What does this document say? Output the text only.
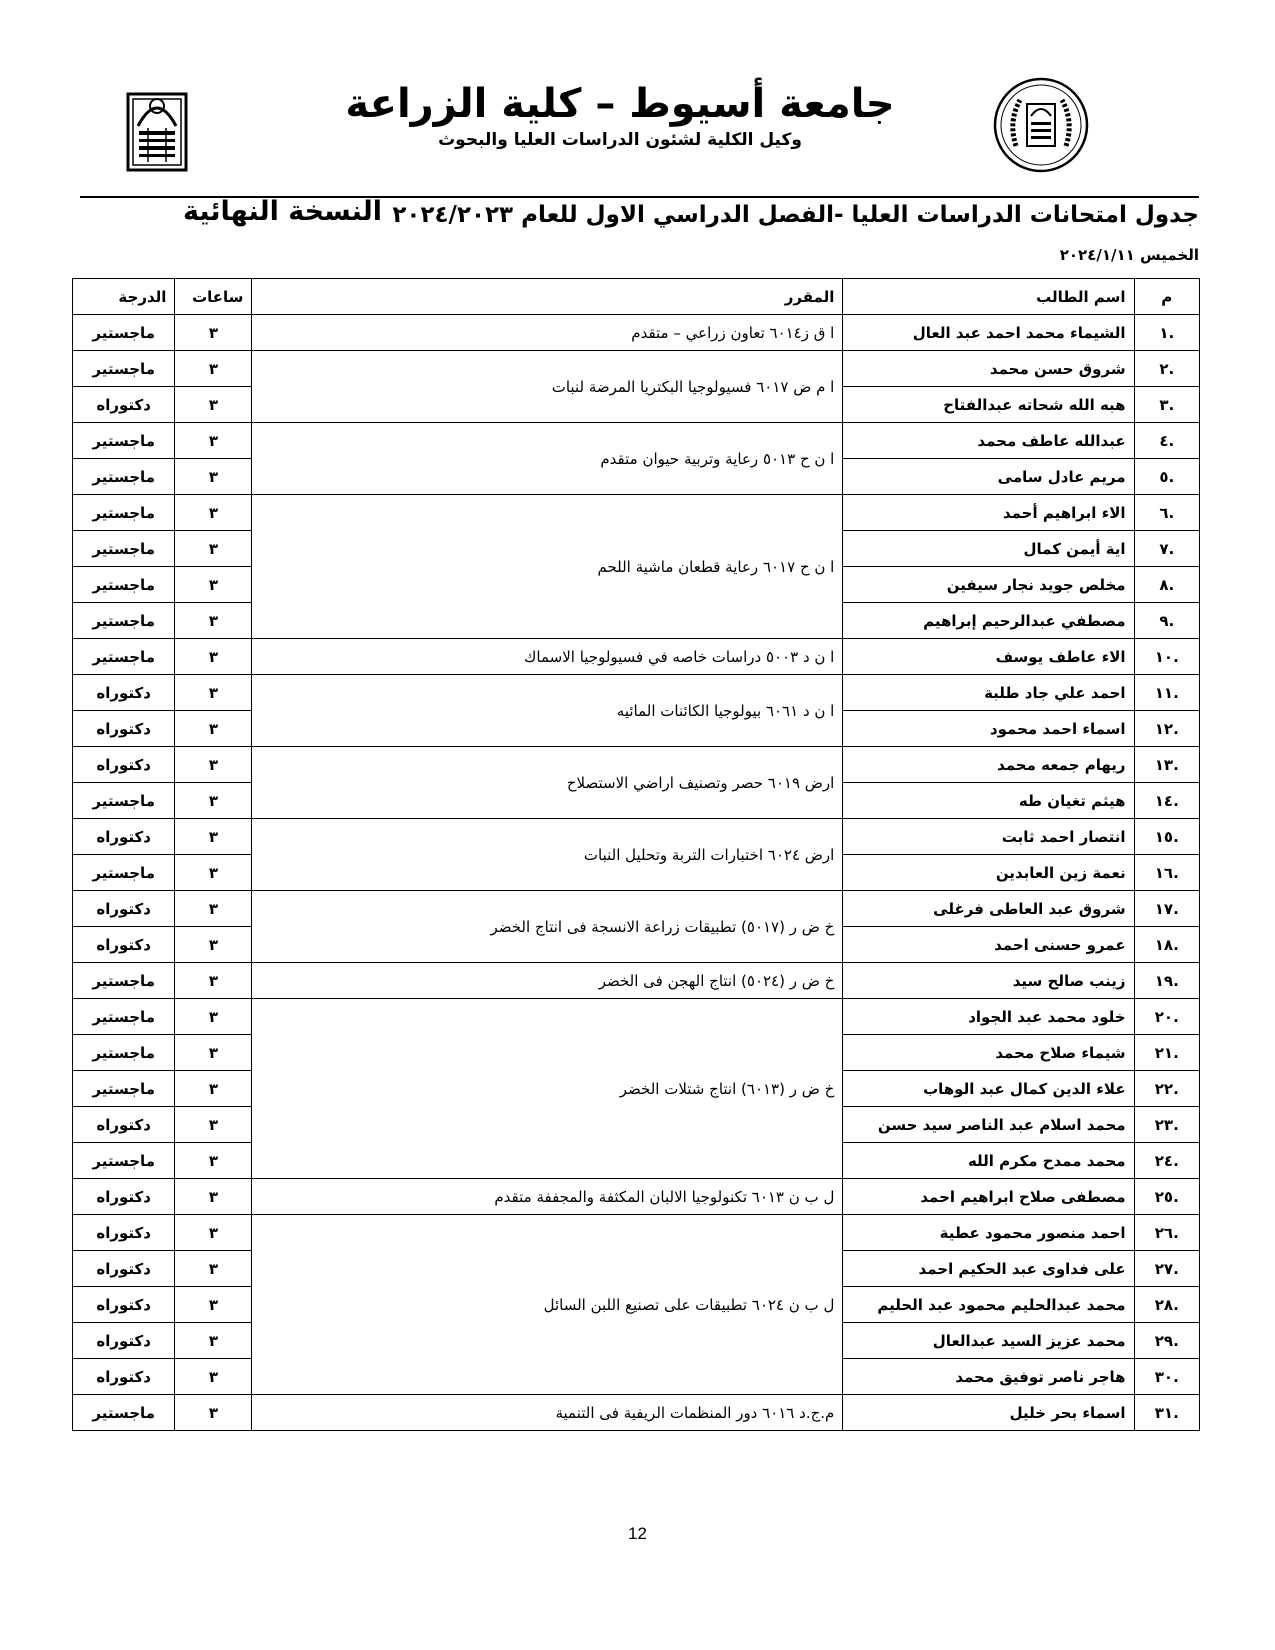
جامعة أسيوط – كلية الزراعة
وكيل الكلية لشئون الدراسات العليا والبحوث
جدول امتحانات الدراسات العليا -الفصل الدراسي الاول للعام ٢٠٢٤/٢٠٢٣
النسخة النهائية
الخميس ٢٠٢٤/١/١١
م	اسم الطالب	المقرر	ساعات	الدرجة
.١	الشيماء محمد احمد عبد العال	ا ق ز٦٠١٤ تعاون زراعي – متقدم	٣	ماجستير
.٢	شروق حسن محمد	ا م ض ٦٠١٧ فسيولوجيا البكتريا المرضة لنبات	٣	ماجستير
.٣	هبه الله شحاته عبدالفتاح		٣	دكتوراه
.٤	عبدالله عاطف محمد	ا ن ح ٥٠١٣ رعاية وتربية حيوان متقدم	٣	ماجستير
.٥	مريم عادل سامى		٣	ماجستير
.٦	الاء ابراهيم أحمد	ا ن ح ٦٠١٧ رعاية قطعان ماشية اللحم	٣	ماجستير
.٧	اية أيمن كمال		٣	ماجستير
.٨	مخلص جويد نجار سيفين		٣	ماجستير
.٩	مصطفي عبدالرحيم إبراهيم		٣	ماجستير
.١٠	الاء عاطف يوسف	ا ن د ٥٠٠٣ دراسات خاصه في فسيولوجيا الاسماك	٣	ماجستير
.١١	احمد علي جاد طلبة	ا ن د ٦٠٦١ بيولوجيا الكائنات المائيه	٣	دكتوراه
.١٢	اسماء احمد محمود		٣	دكتوراه
.١٣	ريهام جمعه محمد	ارض ٦٠١٩ حصر وتصنيف اراضي الاستصلاح	٣	دكتوراه
.١٤	هيثم تغيان طه		٣	ماجستير
.١٥	انتصار احمد ثابت	ارض ٦٠٢٤ اختبارات التربة وتحليل النبات	٣	دكتوراه
.١٦	نعمة زين العابدين		٣	ماجستير
.١٧	شروق عبد العاطى فرغلى	خ ض ر (٥٠١٧) تطبيقات زراعة الانسجة فى انتاج الخضر	٣	دكتوراه
.١٨	عمرو حسنى احمد		٣	دكتوراه
.١٩	زينب صالح سيد	خ ض ر (٥٠٢٤) انتاج الهجن فى الخضر	٣	ماجستير
.٢٠	خلود محمد عبد الجواد	خ ض ر (٦٠١٣) انتاج شتلات الخضر	٣	ماجستير
.٢١	شيماء صلاح محمد		٣	ماجستير
.٢٢	علاء الدين كمال عبد الوهاب		٣	ماجستير
.٢٣	محمد اسلام عبد الناصر سيد حسن		٣	دكتوراه
.٢٤	محمد ممدح مكرم الله		٣	ماجستير
.٢٥	مصطفى صلاح ابراهيم احمد	ل ب ن ٦٠١٣ تكنولوجيا الالبان المكثفة والمجففة متقدم	٣	دكتوراه
.٢٦	احمد منصور محمود عطية	ل ب ن ٦٠٢٤ تطبيقات على تصنيع اللبن السائل	٣	دكتوراه
.٢٧	على فداوى عبد الحكيم احمد		٣	دكتوراه
.٢٨	محمد عبدالحليم محمود عبد الحليم		٣	دكتوراه
.٢٩	محمد عزيز السيد عبدالعال		٣	دكتوراه
.٣٠	هاجر ناصر توفيق محمد		٣	دكتوراه
.٣١	اسماء بحر خليل	م.ج.د ٦٠١٦ دور المنظمات الريفية فى التنمية	٣	ماجستير
12
